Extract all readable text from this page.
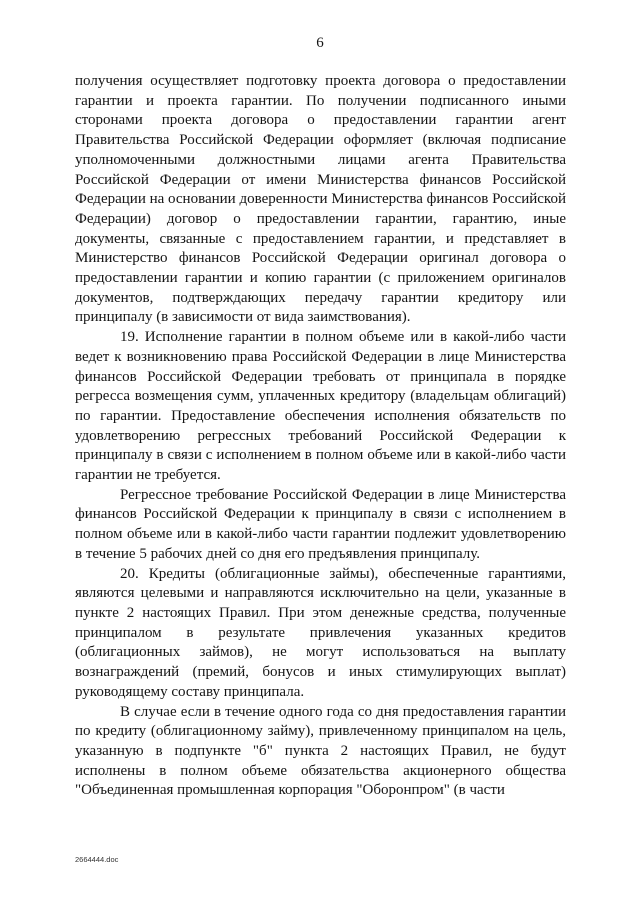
6

получения осуществляет подготовку проекта договора о предоставлении гарантии и проекта гарантии. По получении подписанного иными сторонами проекта договора о предоставлении гарантии агент Правительства Российской Федерации оформляет (включая подписание уполномоченными должностными лицами агента Правительства Российской Федерации от имени Министерства финансов Российской Федерации на основании доверенности Министерства финансов Российской Федерации) договор о предоставлении гарантии, гарантию, иные документы, связанные с предоставлением гарантии, и представляет в Министерство финансов Российской Федерации оригинал договора о предоставлении гарантии и копию гарантии (с приложением оригиналов документов, подтверждающих передачу гарантии кредитору или принципалу (в зависимости от вида заимствования).

19. Исполнение гарантии в полном объеме или в какой-либо части ведет к возникновению права Российской Федерации в лице Министерства финансов Российской Федерации требовать от принципала в порядке регресса возмещения сумм, уплаченных кредитору (владельцам облигаций) по гарантии. Предоставление обеспечения исполнения обязательств по удовлетворению регрессных требований Российской Федерации к принципалу в связи с исполнением в полном объеме или в какой-либо части гарантии не требуется.

Регрессное требование Российской Федерации в лице Министерства финансов Российской Федерации к принципалу в связи с исполнением в полном объеме или в какой-либо части гарантии подлежит удовлетворению в течение 5 рабочих дней со дня его предъявления принципалу.

20. Кредиты (облигационные займы), обеспеченные гарантиями, являются целевыми и направляются исключительно на цели, указанные в пункте 2 настоящих Правил. При этом денежные средства, полученные принципалом в результате привлечения указанных кредитов (облигационных займов), не могут использоваться на выплату вознаграждений (премий, бонусов и иных стимулирующих выплат) руководящему составу принципала.

В случае если в течение одного года со дня предоставления гарантии по кредиту (облигационному займу), привлеченному принципалом на цель, указанную в подпункте "б" пункта 2 настоящих Правил, не будут исполнены в полном объеме обязательства акционерного общества "Объединенная промышленная корпорация "Оборонпром" (в части

2664444.doc
